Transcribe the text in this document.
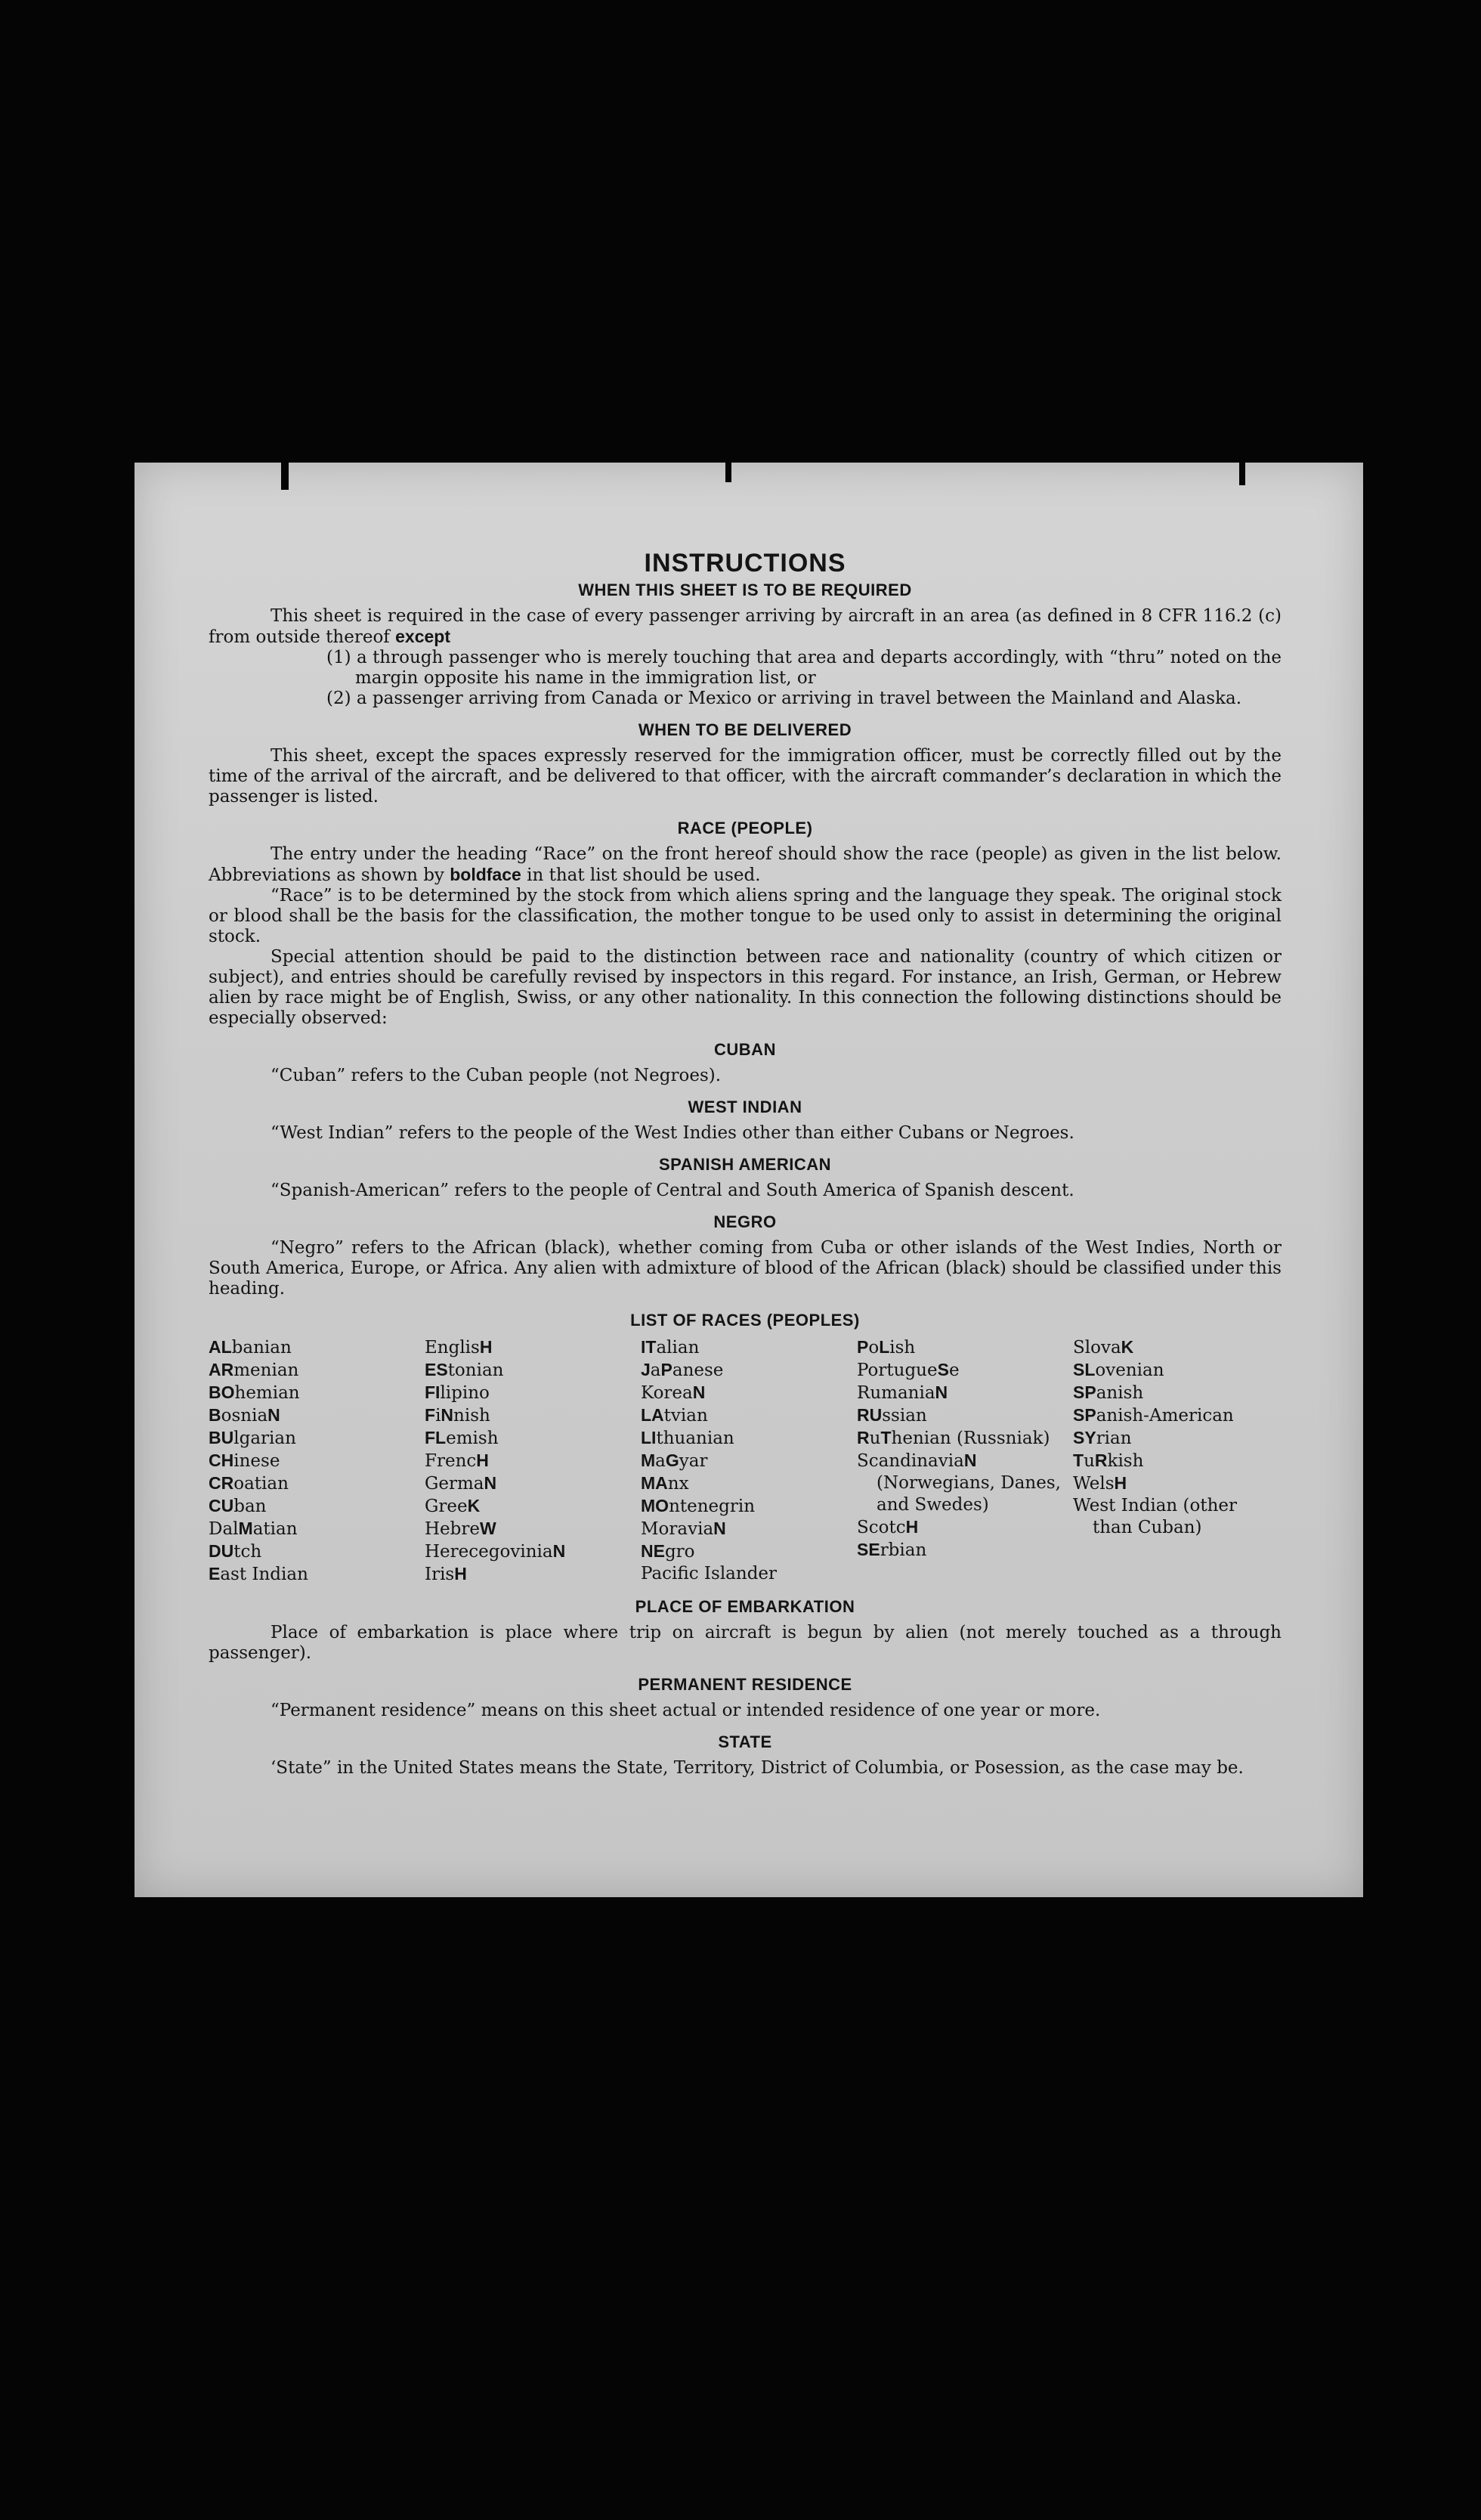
INSTRUCTIONS
WHEN THIS SHEET IS TO BE REQUIRED

This sheet is required in the case of every passenger arriving by aircraft in an area (as defined in 8 CFR 116.2 (c) from outside thereof except

(1) a through passenger who is merely touching that area and departs accordingly, with “thru” noted on the margin opposite his name in the immigration list, or

(2) a passenger arriving from Canada or Mexico or arriving in travel between the Mainland and Alaska.

WHEN TO BE DELIVERED

This sheet, except the spaces expressly reserved for the immigration officer, must be correctly filled out by the time of the arrival of the aircraft, and be delivered to that officer, with the aircraft commander’s declaration in which the passenger is listed.

RACE (PEOPLE)

The entry under the heading “Race” on the front hereof should show the race (people) as given in the list below. Abbreviations as shown by boldface in that list should be used.

“Race” is to be determined by the stock from which aliens spring and the language they speak. The original stock or blood shall be the basis for the classification, the mother tongue to be used only to assist in determining the original stock.

Special attention should be paid to the distinction between race and nationality (country of which citizen or subject), and entries should be carefully revised by inspectors in this regard. For instance, an Irish, German, or Hebrew alien by race might be of English, Swiss, or any other nationality. In this connection the following distinctions should be especially observed:

CUBAN

“Cuban” refers to the Cuban people (not Negroes).

WEST INDIAN

“West Indian” refers to the people of the West Indies other than either Cubans or Negroes.

SPANISH AMERICAN

“Spanish-American” refers to the people of Central and South America of Spanish descent.

NEGRO

“Negro” refers to the African (black), whether coming from Cuba or other islands of the West Indies, North or South America, Europe, or Africa. Any alien with admixture of blood of the African (black) should be classified under this heading.

LIST OF RACES (PEOPLES)
ALbanian
ARmenian
BOhemian
BosniaN
BUlgarian
CHinese
CRoatian
CUban
DalMatian
DUtch
East Indian
EnglisH
EStonian
FIlipino
FiNnish
FLemish
FrencH
GermaN
GreeK
HebreW
HerecegoviniaN
IrisH
ITalian
JaPanese
KoreaN
LAtvian
LIthuanian
MaGyar
MAnx
MOntenegrin
MoraviaN
NEgro
Pacific Islander
PoLish
PortugueSe
RumaniaN
RUssian
RuThenian (Russniak)
ScandinaviaN (Norwegians, Danes, and Swedes)
ScotcH
SErbian
SlovaK
SLovenian
SPanish
SPanish-American
SYrian
TuRkish
WelsH
West Indian (other than Cuban)
PLACE OF EMBARKATION

Place of embarkation is place where trip on aircraft is begun by alien (not merely touched as a through passenger).

PERMANENT RESIDENCE

“Permanent residence” means on this sheet actual or intended residence of one year or more.

STATE

‘State” in the United States means the State, Territory, District of Columbia, or Posession, as the case may be.
